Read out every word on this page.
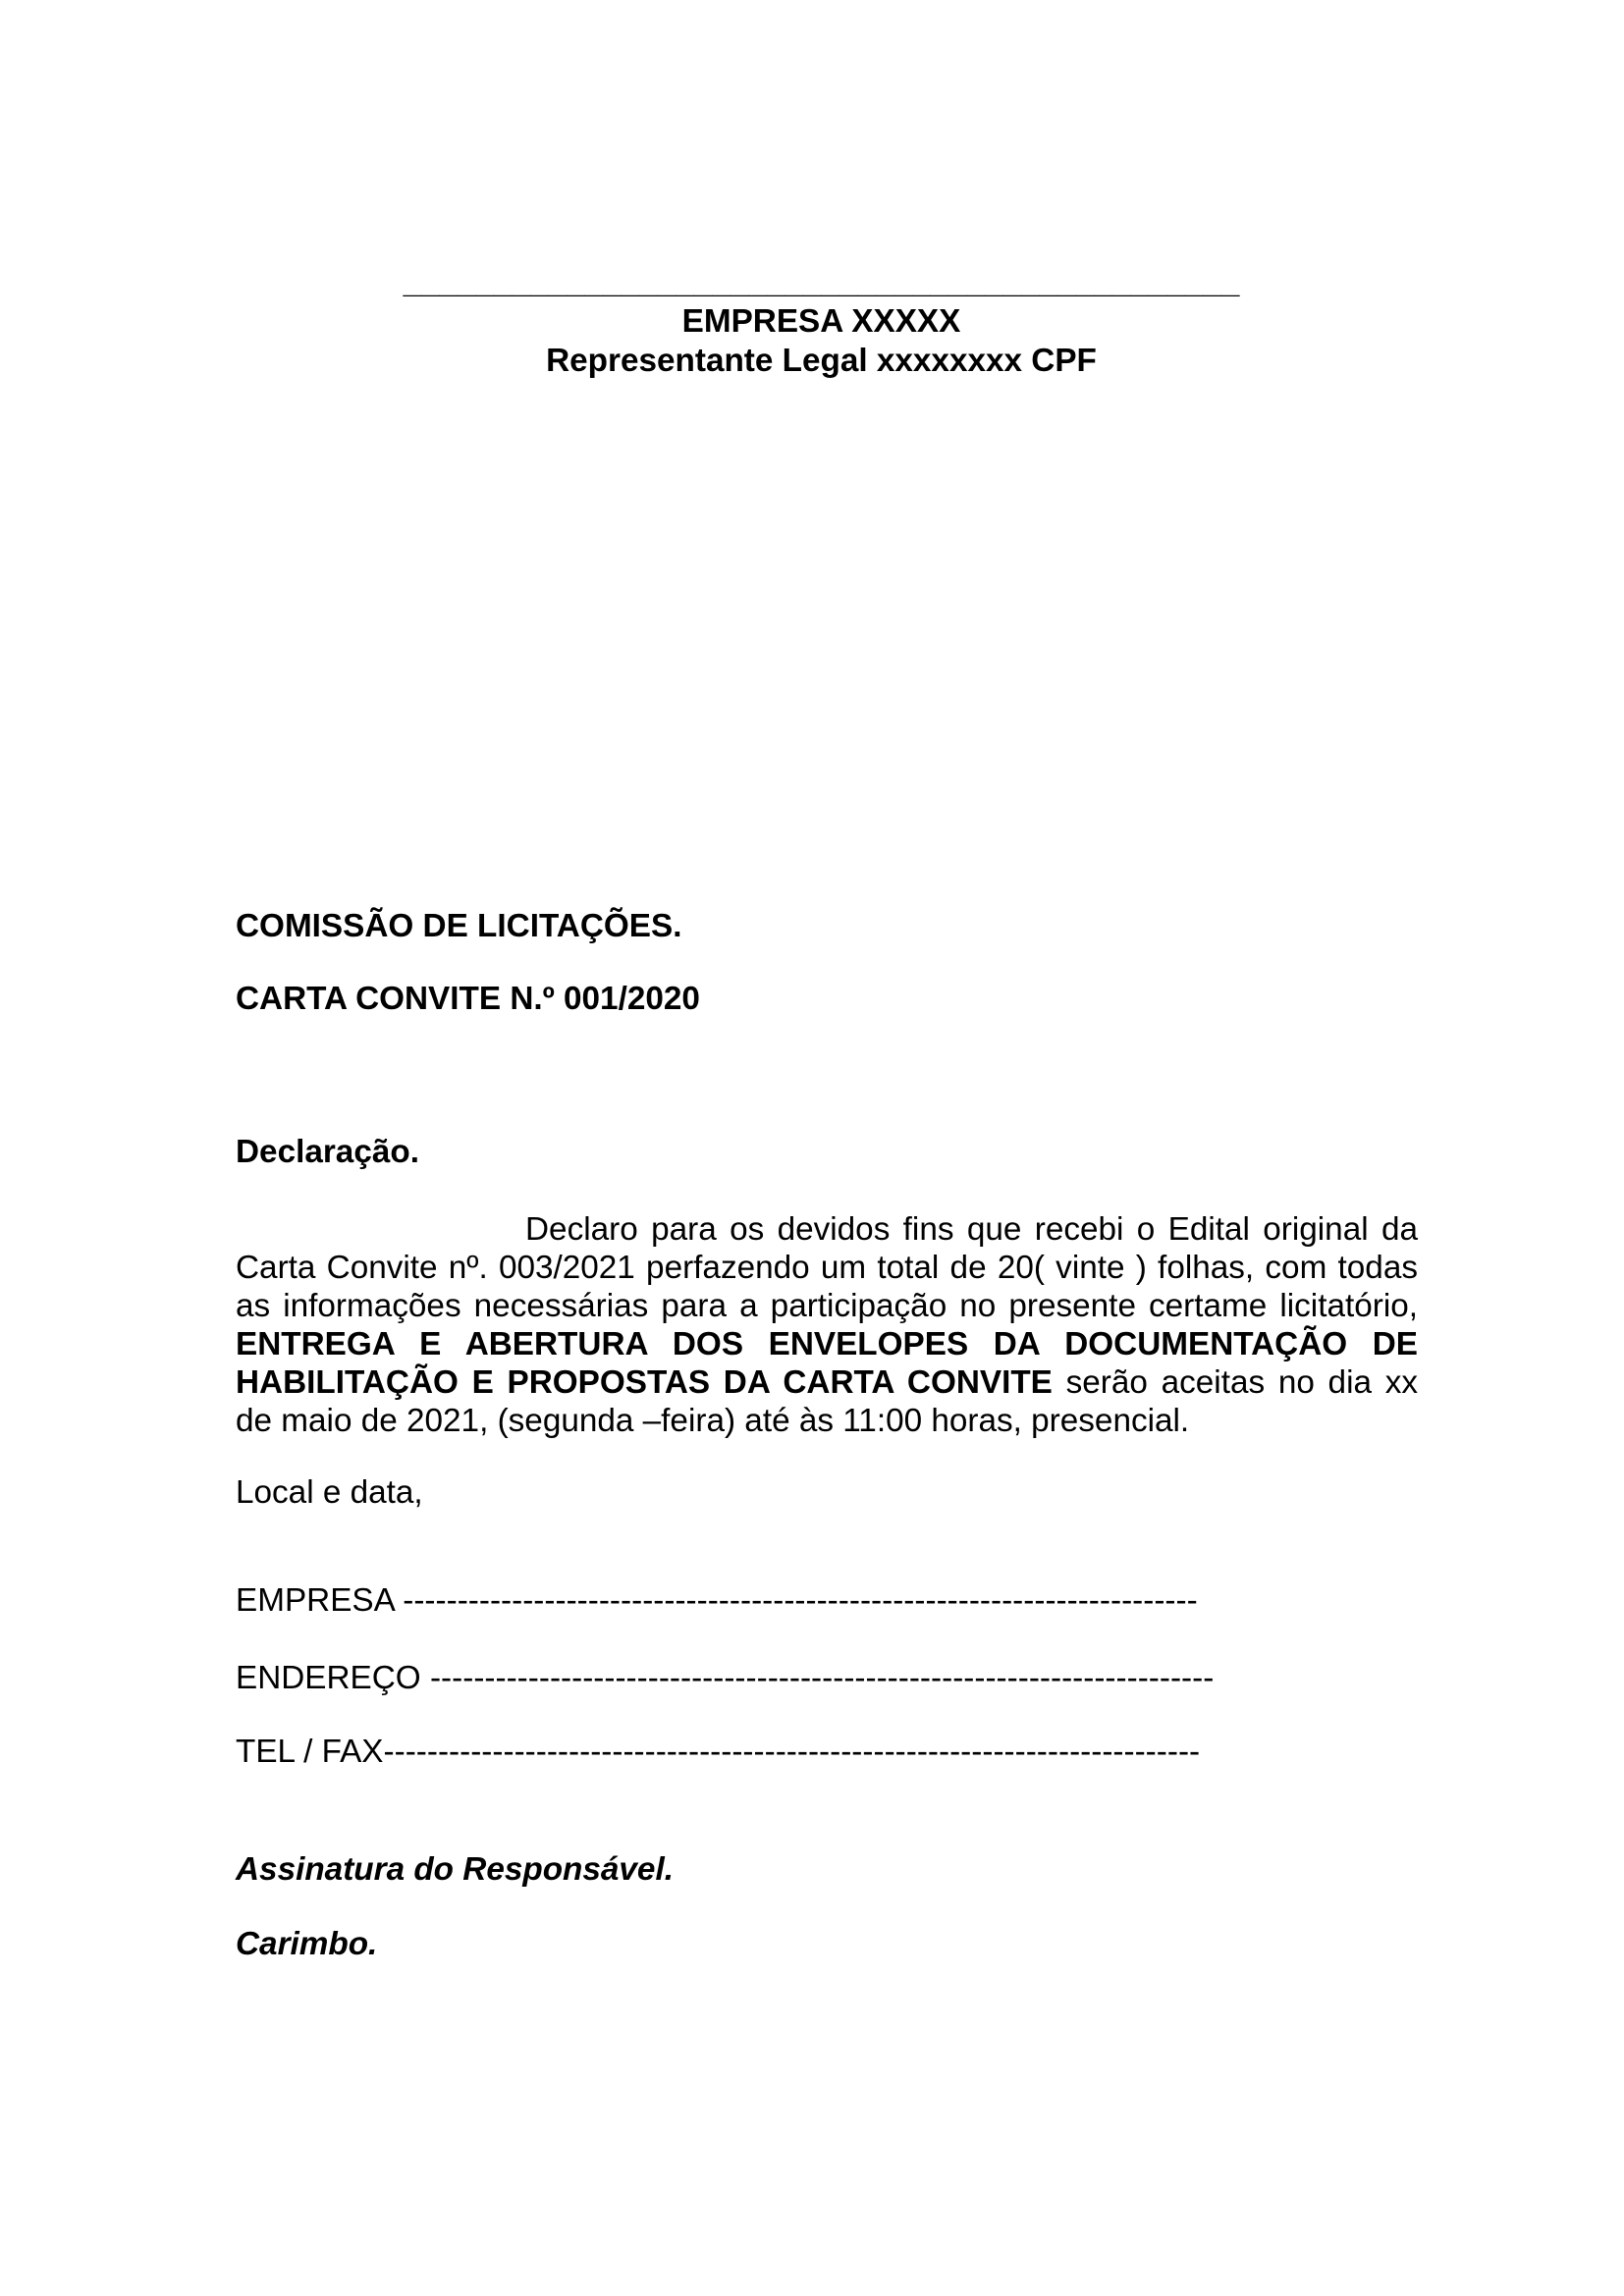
______________________________________________
EMPRESA XXXXX
Representante Legal xxxxxxxx CPF
COMISSÃO DE LICITAÇÕES.
CARTA CONVITE N.º 001/2020
Declaração.

Declaro para os devidos fins que recebi o Edital original da Carta Convite nº. 003/2021 perfazendo um total de 20( vinte ) folhas, com todas as informações necessárias para a participação no presente certame licitatório, ENTREGA E ABERTURA DOS ENVELOPES DA DOCUMENTAÇÃO DE HABILITAÇÃO E PROPOSTAS DA CARTA CONVITE serão aceitas no dia xx de maio de 2021, (segunda –feira) até às 11:00 horas, presencial.

Local e data,
EMPRESA -------------------------------------------------------------------------
ENDEREÇO ------------------------------------------------------------------------
TEL / FAX---------------------------------------------------------------------------
Assinatura do Responsável.
Carimbo.
